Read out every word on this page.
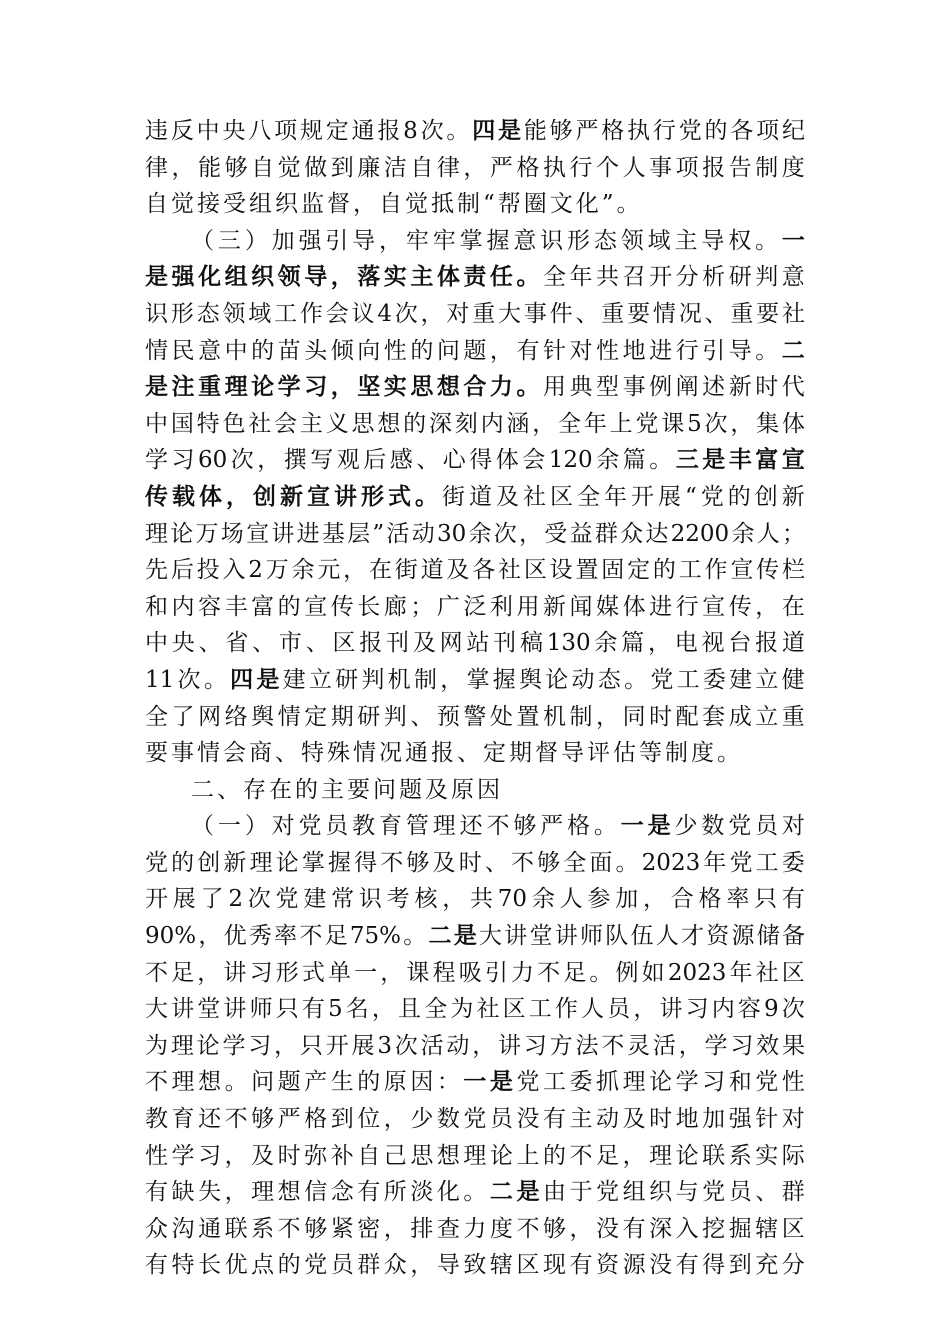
违 反 中 央 八 项 规 定 通 报 8 次 。 四 是 能 够 严 格 执 行 党 的 各 项 纪
律 ， 能 够 自 觉 做 到 廉 洁 自 律 ， 严 格 执 行 个 人 事 项 报 告 制 度
自觉接受组织监督，自觉抵制“帮圈文化”。
（ 三 ） 加 强 引 导 ， 牢 牢 掌 握 意 识 形 态 领 域 主 导 权 。 一
是 强 化 组 织 领 导 ， 落 实 主 体 责 任 。 全 年 共 召 开 分 析 研 判 意
识 形 态 领 域 工 作 会 议 4 次 ， 对 重 大 事 件 、 重 要 情 况 、 重 要 社
情 民 意 中 的 苗 头 倾 向 性 的 问 题 ， 有 针 对 性 地 进 行 引 导 。 二
是 注 重 理 论 学 习 ， 坚 实 思 想 合 力 。 用 典 型 事 例 阐 述 新 时 代
中 国 特 色 社 会 主 义 思 想 的 深 刻 内 涵 ， 全 年 上 党 课 5 次 ， 集 体
学 习 60 次 ， 撰 写 观 后 感 、 心 得 体 会 120 余 篇 。 三 是 丰 富 宣
传 载 体 ， 创 新 宣 讲 形 式 。 街 道 及 社 区 全 年 开 展 “ 党 的 创 新
理 论 万 场 宣 讲 进 基 层 ” 活 动 30 余 次 ， 受 益 群 众 达 2200 余 人 ；
先 后 投 入 2 万 余 元 ， 在 街 道 及 各 社 区 设 置 固 定 的 工 作 宣 传 栏
和 内 容 丰 富 的 宣 传 长 廊 ； 广 泛 利 用 新 闻 媒 体 进 行 宣 传 ， 在
中 央 、 省 、 市 、 区 报 刊 及 网 站 刊 稿 130 余 篇 ， 电 视 台 报 道
11 次 。 四 是 建 立 研 判 机 制 ， 掌 握 舆 论 动 态 。 党 工 委 建 立 健
全 了 网 络 舆 情 定 期 研 判 、 预 警 处 置 机 制 ， 同 时 配 套 成 立 重
要事情会商、特殊情况通报、定期督导评估等制度。
二、存在的主要问题及原因
（ 一 ） 对 党 员 教 育 管 理 还 不 够 严 格 。 一 是 少 数 党 员 对
党 的 创 新 理 论 掌 握 得 不 够 及 时 、 不 够 全 面 。 2023 年 党 工 委
开 展 了 2 次 党 建 常 识 考 核 ， 共 70 余 人 参 加 ， 合 格 率 只 有
90% ， 优 秀 率 不 足 75% 。 二 是 大 讲 堂 讲 师 队 伍 人 才 资 源 储 备
不 足 ， 讲 习 形 式 单 一 ， 课 程 吸 引 力 不 足 。 例 如 2023 年 社 区
大 讲 堂 讲 师 只 有 5 名 ， 且 全 为 社 区 工 作 人 员 ， 讲 习 内 容 9 次
为 理 论 学 习 ， 只 开 展 3 次 活 动 ， 讲 习 方 法 不 灵 活 ， 学 习 效 果
不 理 想 。 问 题 产 生 的 原 因 ： 一 是 党 工 委 抓 理 论 学 习 和 党 性
教 育 还 不 够 严 格 到 位 ， 少 数 党 员 没 有 主 动 及 时 地 加 强 针 对
性 学 习 ， 及 时 弥 补 自 己 思 想 理 论 上 的 不 足 ， 理 论 联 系 实 际
有 缺 失 ， 理 想 信 念 有 所 淡 化 。 二 是 由 于 党 组 织 与 党 员 、 群
众 沟 通 联 系 不 够 紧 密 ， 排 查 力 度 不 够 ， 没 有 深 入 挖 掘 辖 区
有 特 长 优 点 的 党 员 群 众 ， 导 致 辖 区 现 有 资 源 没 有 得 到 充 分
